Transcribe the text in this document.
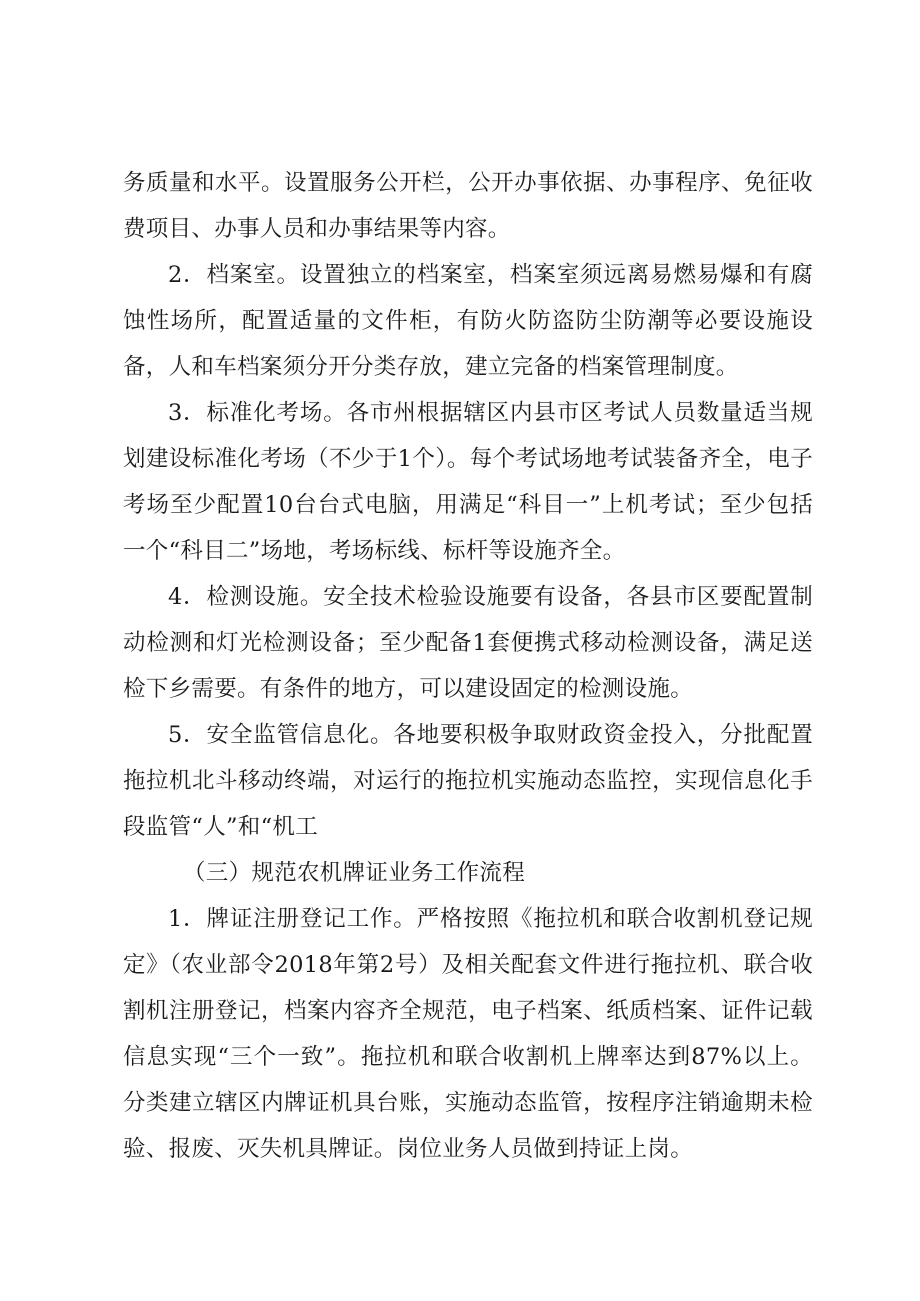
务质量和水平。设置服务公开栏，公开办事依据、办事程序、免征收费项目、办事人员和办事结果等内容。

2．档案室。设置独立的档案室，档案室须远离易燃易爆和有腐蚀性场所，配置适量的文件柜，有防火防盗防尘防潮等必要设施设备，人和车档案须分开分类存放，建立完备的档案管理制度。

3．标准化考场。各市州根据辖区内县市区考试人员数量适当规划建设标准化考场（不少于1个）。每个考试场地考试装备齐全，电子考场至少配置10台台式电脑，用满足“科目一”上机考试；至少包括一个“科目二”场地，考场标线、标杆等设施齐全。

4．检测设施。安全技术检验设施要有设备，各县市区要配置制动检测和灯光检测设备；至少配备1套便携式移动检测设备，满足送检下乡需要。有条件的地方，可以建设固定的检测设施。

5．安全监管信息化。各地要积极争取财政资金投入，分批配置拖拉机北斗移动终端，对运行的拖拉机实施动态监控，实现信息化手段监管“人”和“机工

（三）规范农机牌证业务工作流程

1．牌证注册登记工作。严格按照《拖拉机和联合收割机登记规定》（农业部令2018年第2号）及相关配套文件进行拖拉机、联合收割机注册登记，档案内容齐全规范，电子档案、纸质档案、证件记载信息实现“三个一致”。拖拉机和联合收割机上牌率达到87%以上。分类建立辖区内牌证机具台账，实施动态监管，按程序注销逾期未检验、报废、灭失机具牌证。岗位业务人员做到持证上岗。
